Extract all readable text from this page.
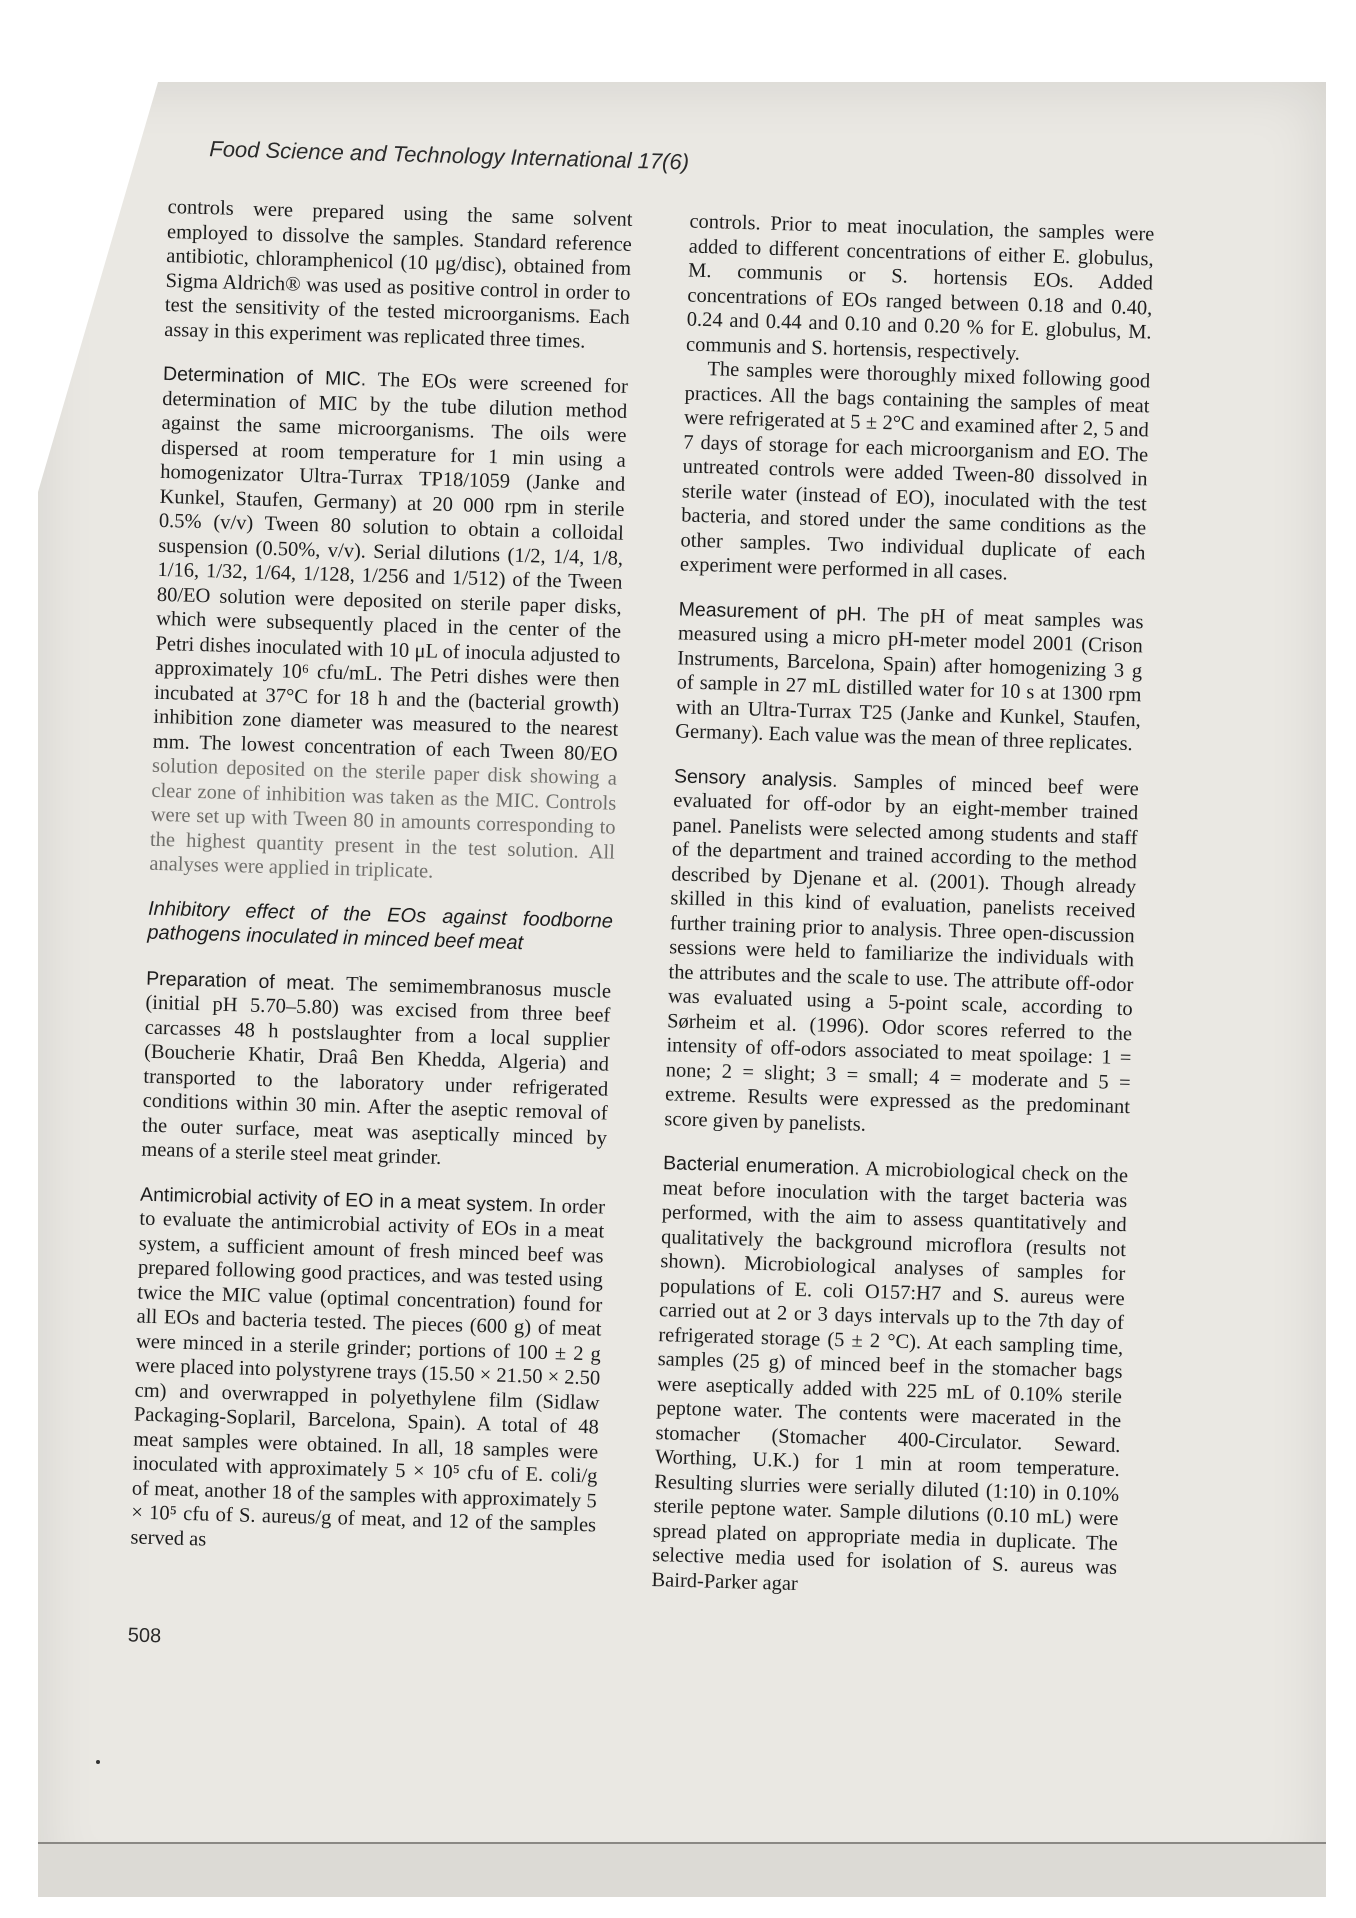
Food Science and Technology International 17(6)

controls were prepared using the same solvent employed to dissolve the samples. Standard reference antibiotic, chloramphenicol (10 μg/disc), obtained from Sigma Aldrich® was used as positive control in order to test the sensitivity of the tested microorganisms. Each assay in this experiment was replicated three times.

Determination of MIC. The EOs were screened for determination of MIC by the tube dilution method against the same microorganisms. The oils were dispersed at room temperature for 1 min using a homogenizator Ultra-Turrax TP18/1059 (Janke and Kunkel, Staufen, Germany) at 20 000 rpm in sterile 0.5% (v/v) Tween 80 solution to obtain a colloidal suspension (0.50%, v/v). Serial dilutions (1/2, 1/4, 1/8, 1/16, 1/32, 1/64, 1/128, 1/256 and 1/512) of the Tween 80/EO solution were deposited on sterile paper disks, which were subsequently placed in the center of the Petri dishes inoculated with 10 μL of inocula adjusted to approximately 10⁶ cfu/mL. The Petri dishes were then incubated at 37°C for 18 h and the (bacterial growth) inhibition zone diameter was measured to the nearest mm. The lowest concentration of each Tween 80/EO solution deposited on the sterile paper disk showing a clear zone of inhibition was taken as the MIC. Controls were set up with Tween 80 in amounts corresponding to the highest quantity present in the test solution. All analyses were applied in triplicate.

Inhibitory effect of the EOs against foodborne pathogens inoculated in minced beef meat

Preparation of meat. The semimembranosus muscle (initial pH 5.70–5.80) was excised from three beef carcasses 48 h postslaughter from a local supplier (Boucherie Khatir, Draâ Ben Khedda, Algeria) and transported to the laboratory under refrigerated conditions within 30 min. After the aseptic removal of the outer surface, meat was aseptically minced by means of a sterile steel meat grinder.

Antimicrobial activity of EO in a meat system. In order to evaluate the antimicrobial activity of EOs in a meat system, a sufficient amount of fresh minced beef was prepared following good practices, and was tested using twice the MIC value (optimal concentration) found for all EOs and bacteria tested. The pieces (600 g) of meat were minced in a sterile grinder; portions of 100 ± 2 g were placed into polystyrene trays (15.50 × 21.50 × 2.50 cm) and overwrapped in polyethylene film (Sidlaw Packaging-Soplaril, Barcelona, Spain). A total of 48 meat samples were obtained. In all, 18 samples were inoculated with approximately 5 × 10⁵ cfu of E. coli/g of meat, another 18 of the samples with approximately 5 × 10⁵ cfu of S. aureus/g of meat, and 12 of the samples served as

controls. Prior to meat inoculation, the samples were added to different concentrations of either E. globulus, M. communis or S. hortensis EOs. Added concentrations of EOs ranged between 0.18 and 0.40, 0.24 and 0.44 and 0.10 and 0.20 % for E. globulus, M. communis and S. hortensis, respectively.

The samples were thoroughly mixed following good practices. All the bags containing the samples of meat were refrigerated at 5 ± 2°C and examined after 2, 5 and 7 days of storage for each microorganism and EO. The untreated controls were added Tween-80 dissolved in sterile water (instead of EO), inoculated with the test bacteria, and stored under the same conditions as the other samples. Two individual duplicate of each experiment were performed in all cases.

Measurement of pH. The pH of meat samples was measured using a micro pH-meter model 2001 (Crison Instruments, Barcelona, Spain) after homogenizing 3 g of sample in 27 mL distilled water for 10 s at 1300 rpm with an Ultra-Turrax T25 (Janke and Kunkel, Staufen, Germany). Each value was the mean of three replicates.

Sensory analysis. Samples of minced beef were evaluated for off-odor by an eight-member trained panel. Panelists were selected among students and staff of the department and trained according to the method described by Djenane et al. (2001). Though already skilled in this kind of evaluation, panelists received further training prior to analysis. Three open-discussion sessions were held to familiarize the individuals with the attributes and the scale to use. The attribute off-odor was evaluated using a 5-point scale, according to Sørheim et al. (1996). Odor scores referred to the intensity of off-odors associated to meat spoilage: 1 = none; 2 = slight; 3 = small; 4 = moderate and 5 = extreme. Results were expressed as the predominant score given by panelists.

Bacterial enumeration. A microbiological check on the meat before inoculation with the target bacteria was performed, with the aim to assess quantitatively and qualitatively the background microflora (results not shown). Microbiological analyses of samples for populations of E. coli O157:H7 and S. aureus were carried out at 2 or 3 days intervals up to the 7th day of refrigerated storage (5 ± 2 °C). At each sampling time, samples (25 g) of minced beef in the stomacher bags were aseptically added with 225 mL of 0.10% sterile peptone water. The contents were macerated in the stomacher (Stomacher 400-Circulator. Seward. Worthing, U.K.) for 1 min at room temperature. Resulting slurries were serially diluted (1:10) in 0.10% sterile peptone water. Sample dilutions (0.10 mL) were spread plated on appropriate media in duplicate. The selective media used for isolation of S. aureus was Baird-Parker agar

508
